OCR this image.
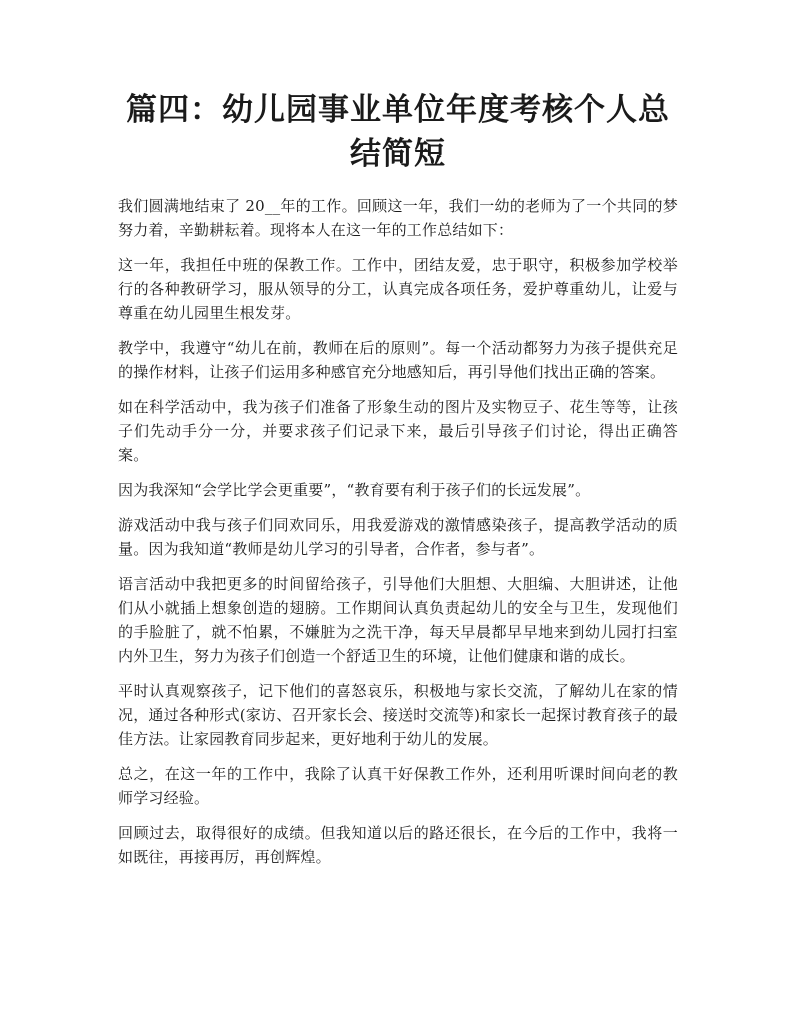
篇四：幼儿园事业单位年度考核个人总结简短

我们圆满地结束了 20__年的工作。回顾这一年，我们一幼的老师为了一个共同的梦努力着，辛勤耕耘着。现将本人在这一年的工作总结如下：

这一年，我担任中班的保教工作。工作中，团结友爱，忠于职守，积极参加学校举行的各种教研学习，服从领导的分工，认真完成各项任务，爱护尊重幼儿，让爱与尊重在幼儿园里生根发芽。

教学中，我遵守“幼儿在前，教师在后的原则”。每一个活动都努力为孩子提供充足的操作材料，让孩子们运用多种感官充分地感知后，再引导他们找出正确的答案。

如在科学活动中，我为孩子们准备了形象生动的图片及实物豆子、花生等等，让孩子们先动手分一分，并要求孩子们记录下来，最后引导孩子们讨论，得出正确答案。

因为我深知“会学比学会更重要”，“教育要有利于孩子们的长远发展”。

游戏活动中我与孩子们同欢同乐，用我爱游戏的激情感染孩子，提高教学活动的质量。因为我知道“教师是幼儿学习的引导者，合作者，参与者”。

语言活动中我把更多的时间留给孩子，引导他们大胆想、大胆编、大胆讲述，让他们从小就插上想象创造的翅膀。工作期间认真负责起幼儿的安全与卫生，发现他们的手脸脏了，就不怕累，不嫌脏为之洗干净，每天早晨都早早地来到幼儿园打扫室内外卫生，努力为孩子们创造一个舒适卫生的环境，让他们健康和谐的成长。

平时认真观察孩子，记下他们的喜怒哀乐，积极地与家长交流，了解幼儿在家的情况，通过各种形式(家访、召开家长会、接送时交流等)和家长一起探讨教育孩子的最佳方法。让家园教育同步起来，更好地利于幼儿的发展。

总之，在这一年的工作中，我除了认真干好保教工作外，还利用听课时间向老的教师学习经验。

回顾过去，取得很好的成绩。但我知道以后的路还很长，在今后的工作中，我将一如既往，再接再厉，再创辉煌。
